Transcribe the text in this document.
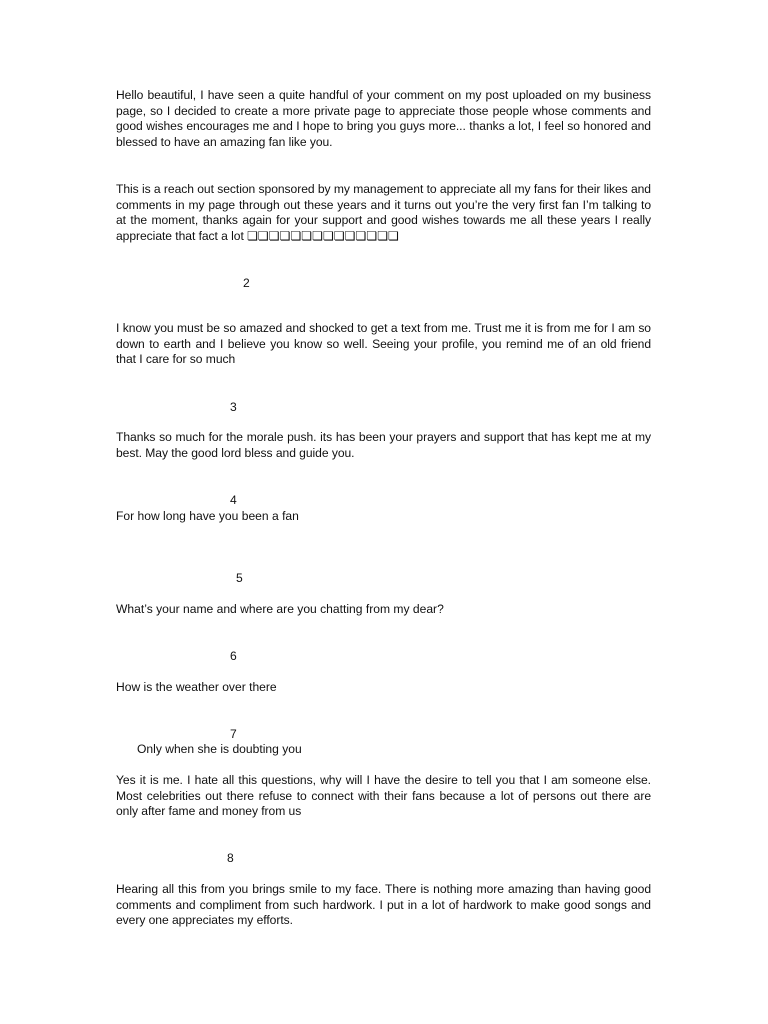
Hello beautiful, I have seen a quite handful of your comment on my post uploaded on my business page, so I decided to create a more private page to appreciate those people whose comments and good wishes encourages me and I hope to bring you guys more... thanks a lot, I feel so honored and blessed to have an amazing fan like you.

This is a reach out section sponsored by my management to appreciate all my fans for their likes and comments in my page through out these years and it turns out you’re the very first fan I’m talking to at the moment, thanks again for your support and good wishes towards me all these years I really appreciate that fact a lot ❏❏❏❏❏❏❏❏❏❏❏❏❏❏

2

I know you must be so amazed and shocked to get a text from me. Trust me it is from me for I am so down to earth and I believe you know so well. Seeing your profile, you remind me of an old friend that I care for so much

3

Thanks so much for the morale push. its has been your prayers and support that has kept me at my best. May the good lord bless and guide you.

4

For how long have you been a fan

5

What’s your name and where are you chatting from my dear?

6

How is the weather over there

7

Only when she is doubting you

Yes it is me. I hate all this questions, why will I have the desire to tell you that I am someone else. Most celebrities out there refuse to connect with their fans because a lot of persons out there are only after fame and money from us

8

Hearing all this from you brings smile to my face. There is nothing more amazing than having good comments and compliment from such hardwork. I put in a lot of hardwork to make good songs and every one appreciates my efforts.
